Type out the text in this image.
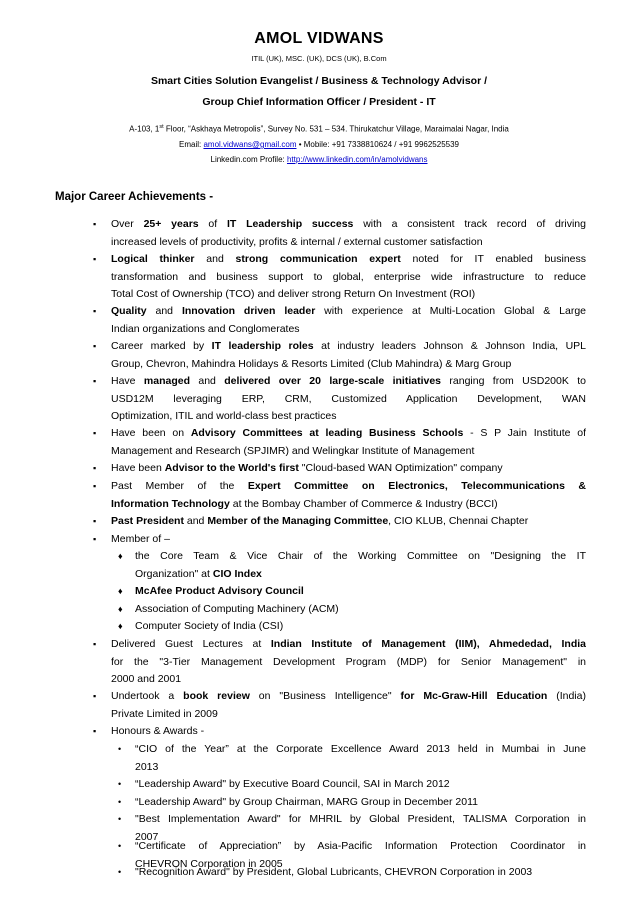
AMOL VIDWANS
ITIL (UK), MSC. (UK), DCS (UK), B.Com
Smart Cities Solution Evangelist / Business & Technology Advisor /
Group Chief Information Officer / President - IT
A-103, 1st Floor, “Askhaya Metropolis”, Survey No. 531 – 534. Thirukatchur Village, Maraimalai Nagar, India
Email: amol.vidwans@gmail.com • Mobile: +91 7338810624 / +91 9962525539
Linkedin.com Profile: http://www.linkedin.com/in/amolvidwans
Major Career Achievements -
▪ Over 25+ years of IT Leadership success with a consistent track record of driving
increased levels of productivity, profits & internal / external customer satisfaction
▪ Logical thinker and strong communication expert noted for IT enabled business
transformation and business support to global, enterprise wide infrastructure to reduce
Total Cost of Ownership (TCO) and deliver strong Return On Investment (ROI)
▪ Quality and Innovation driven leader with experience at Multi-Location Global & Large
Indian organizations and Conglomerates
▪ Career marked by IT leadership roles at industry leaders Johnson & Johnson India, UPL
Group, Chevron, Mahindra Holidays & Resorts Limited (Club Mahindra) & Marg Group
▪ Have managed and delivered over 20 large-scale initiatives ranging from USD200K to
USD12M leveraging ERP, CRM, Customized Application Development, WAN
Optimization, ITIL and world-class best practices
▪ Have been on Advisory Committees at leading Business Schools - S P Jain Institute of
Management and Research (SPJIMR) and Welingkar Institute of Management
▪ Have been Advisor to the World's first "Cloud-based WAN Optimization" company
▪ Past Member of the Expert Committee on Electronics, Telecommunications &
Information Technology at the Bombay Chamber of Commerce & Industry (BCCI)
▪ Past President and Member of the Managing Committee, CIO KLUB, Chennai Chapter
▪ Member of –
♦ the Core Team & Vice Chair of the Working Committee on "Designing the IT
Organization" at CIO Index
♦ McAfee Product Advisory Council
♦ Association of Computing Machinery (ACM)
♦ Computer Society of India (CSI)
▪ Delivered Guest Lectures at Indian Institute of Management (IIM), Ahmededad, India
for the "3-Tier Management Development Program (MDP) for Senior Management" in
2000 and 2001
▪ Undertook a book review on "Business Intelligence" for Mc-Graw-Hill Education (India)
Private Limited in 2009
▪ Honours & Awards -
• “CIO of the Year” at the Corporate Excellence Award 2013 held in Mumbai in June
2013
• “Leadership Award" by Executive Board Council, SAI in March 2012
• “Leadership Award" by Group Chairman, MARG Group in December 2011
• "Best Implementation Award" for MHRIL by Global President, TALISMA Corporation in
2007
• “Certificate of Appreciation” by Asia-Pacific Information Protection Coordinator in
CHEVRON Corporation in 2005
• "Recognition Award" by President, Global Lubricants, CHEVRON Corporation in 2003
